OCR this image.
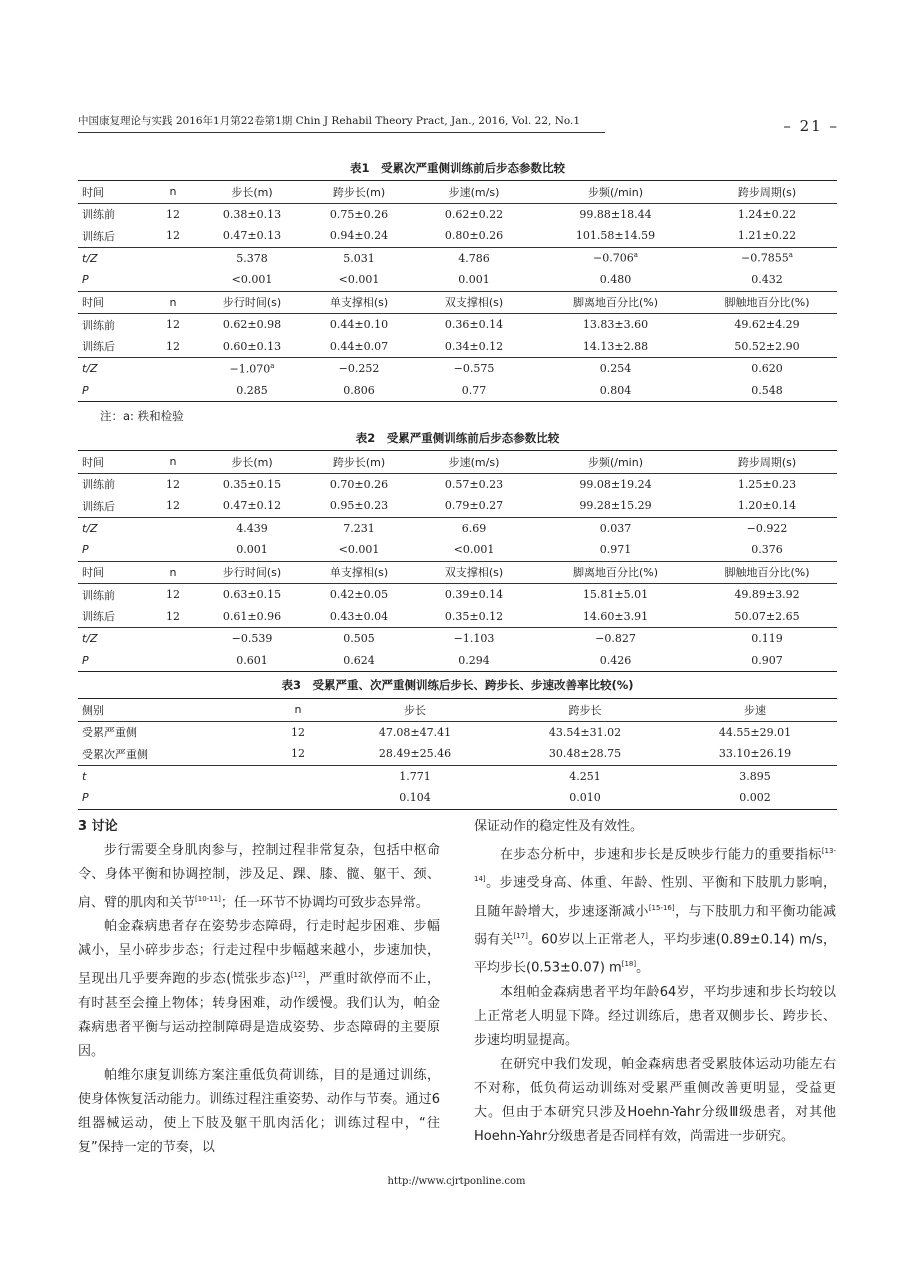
中国康复理论与实践 2016年1月第22卷第1期 Chin J Rehabil Theory Pract, Jan., 2016, Vol. 22, No.1	– 21 –
表1　受累次严重侧训练前后步态参数比较
时间	n	步长(m)	跨步长(m)	步速(m/s)	步频(/min)	跨步周期(s)
训练前	12	0.38±0.13	0.75±0.26	0.62±0.22	99.88±18.44	1.24±0.22
训练后	12	0.47±0.13	0.94±0.24	0.80±0.26	101.58±14.59	1.21±0.22
t/Z		5.378	5.031	4.786	−0.706$^a$	−0.7855$^a$
P		<0.001	<0.001	0.001	0.480	0.432
时间	n	步行时间(s)	单支撑相(s)	双支撑相(s)	脚离地百分比(%)	脚触地百分比(%)
训练前	12	0.62±0.98	0.44±0.10	0.36±0.14	13.83±3.60	49.62±4.29
训练后	12	0.60±0.13	0.44±0.07	0.34±0.12	14.13±2.88	50.52±2.90
t/Z		−1.070$^a$	−0.252	−0.575	0.254	0.620
P		0.285	0.806	0.77	0.804	0.548
注：a: 秩和检验
表2　受累严重侧训练前后步态参数比较
时间	n	步长(m)	跨步长(m)	步速(m/s)	步频(/min)	跨步周期(s)
训练前	12	0.35±0.15	0.70±0.26	0.57±0.23	99.08±19.24	1.25±0.23
训练后	12	0.47±0.12	0.95±0.23	0.79±0.27	99.28±15.29	1.20±0.14
t/Z		4.439	7.231	6.69	0.037	−0.922
P		0.001	<0.001	<0.001	0.971	0.376
时间	n	步行时间(s)	单支撑相(s)	双支撑相(s)	脚离地百分比(%)	脚触地百分比(%)
训练前	12	0.63±0.15	0.42±0.05	0.39±0.14	15.81±5.01	49.89±3.92
训练后	12	0.61±0.96	0.43±0.04	0.35±0.12	14.60±3.91	50.07±2.65
t/Z		−0.539	0.505	−1.103	−0.827	0.119
P		0.601	0.624	0.294	0.426	0.907
表3　受累严重、次严重侧训练后步长、跨步长、步速改善率比较(%)
侧别	n	步长	跨步长	步速
受累严重侧	12	47.08±47.41	43.54±31.02	44.55±29.01
受累次严重侧	12	28.49±25.46	30.48±28.75	33.10±26.19
t		1.771	4.251	3.895
P		0.104	0.010	0.002
3 讨论

步行需要全身肌肉参与，控制过程非常复杂，包括中枢命令、身体平衡和协调控制，涉及足、踝、膝、髋、躯干、颈、肩、臂的肌肉和关节[10-11]；任一环节不协调均可致步态异常。

帕金森病患者存在姿势步态障碍，行走时起步困难、步幅减小，呈小碎步步态；行走过程中步幅越来越小，步速加快，呈现出几乎要奔跑的步态(慌张步态)[12]，严重时欲停而不止，有时甚至会撞上物体；转身困难，动作缓慢。我们认为，帕金森病患者平衡与运动控制障碍是造成姿势、步态障碍的主要原因。

帕维尔康复训练方案注重低负荷训练，目的是通过训练，使身体恢复活动能力。训练过程注重姿势、动作与节奏。通过6组器械运动，使上下肢及躯干肌肉活化；训练过程中，“往复”保持一定的节奏，以

保证动作的稳定性及有效性。

在步态分析中，步速和步长是反映步行能力的重要指标[13-14]。步速受身高、体重、年龄、性别、平衡和下肢肌力影响，且随年龄增大，步速逐渐减小[15-16]，与下肢肌力和平衡功能减弱有关[17]。60岁以上正常老人，平均步速(0.89±0.14) m/s，平均步长(0.53±0.07) m[18]。

本组帕金森病患者平均年龄64岁，平均步速和步长均较以上正常老人明显下降。经过训练后，患者双侧步长、跨步长、步速均明显提高。

在研究中我们发现，帕金森病患者受累肢体运动功能左右不对称，低负荷运动训练对受累严重侧改善更明显，受益更大。但由于本研究只涉及Hoehn-Yahr分级Ⅲ级患者，对其他Hoehn-Yahr分级患者是否同样有效，尚需进一步研究。

http://www.cjrtponline.com
